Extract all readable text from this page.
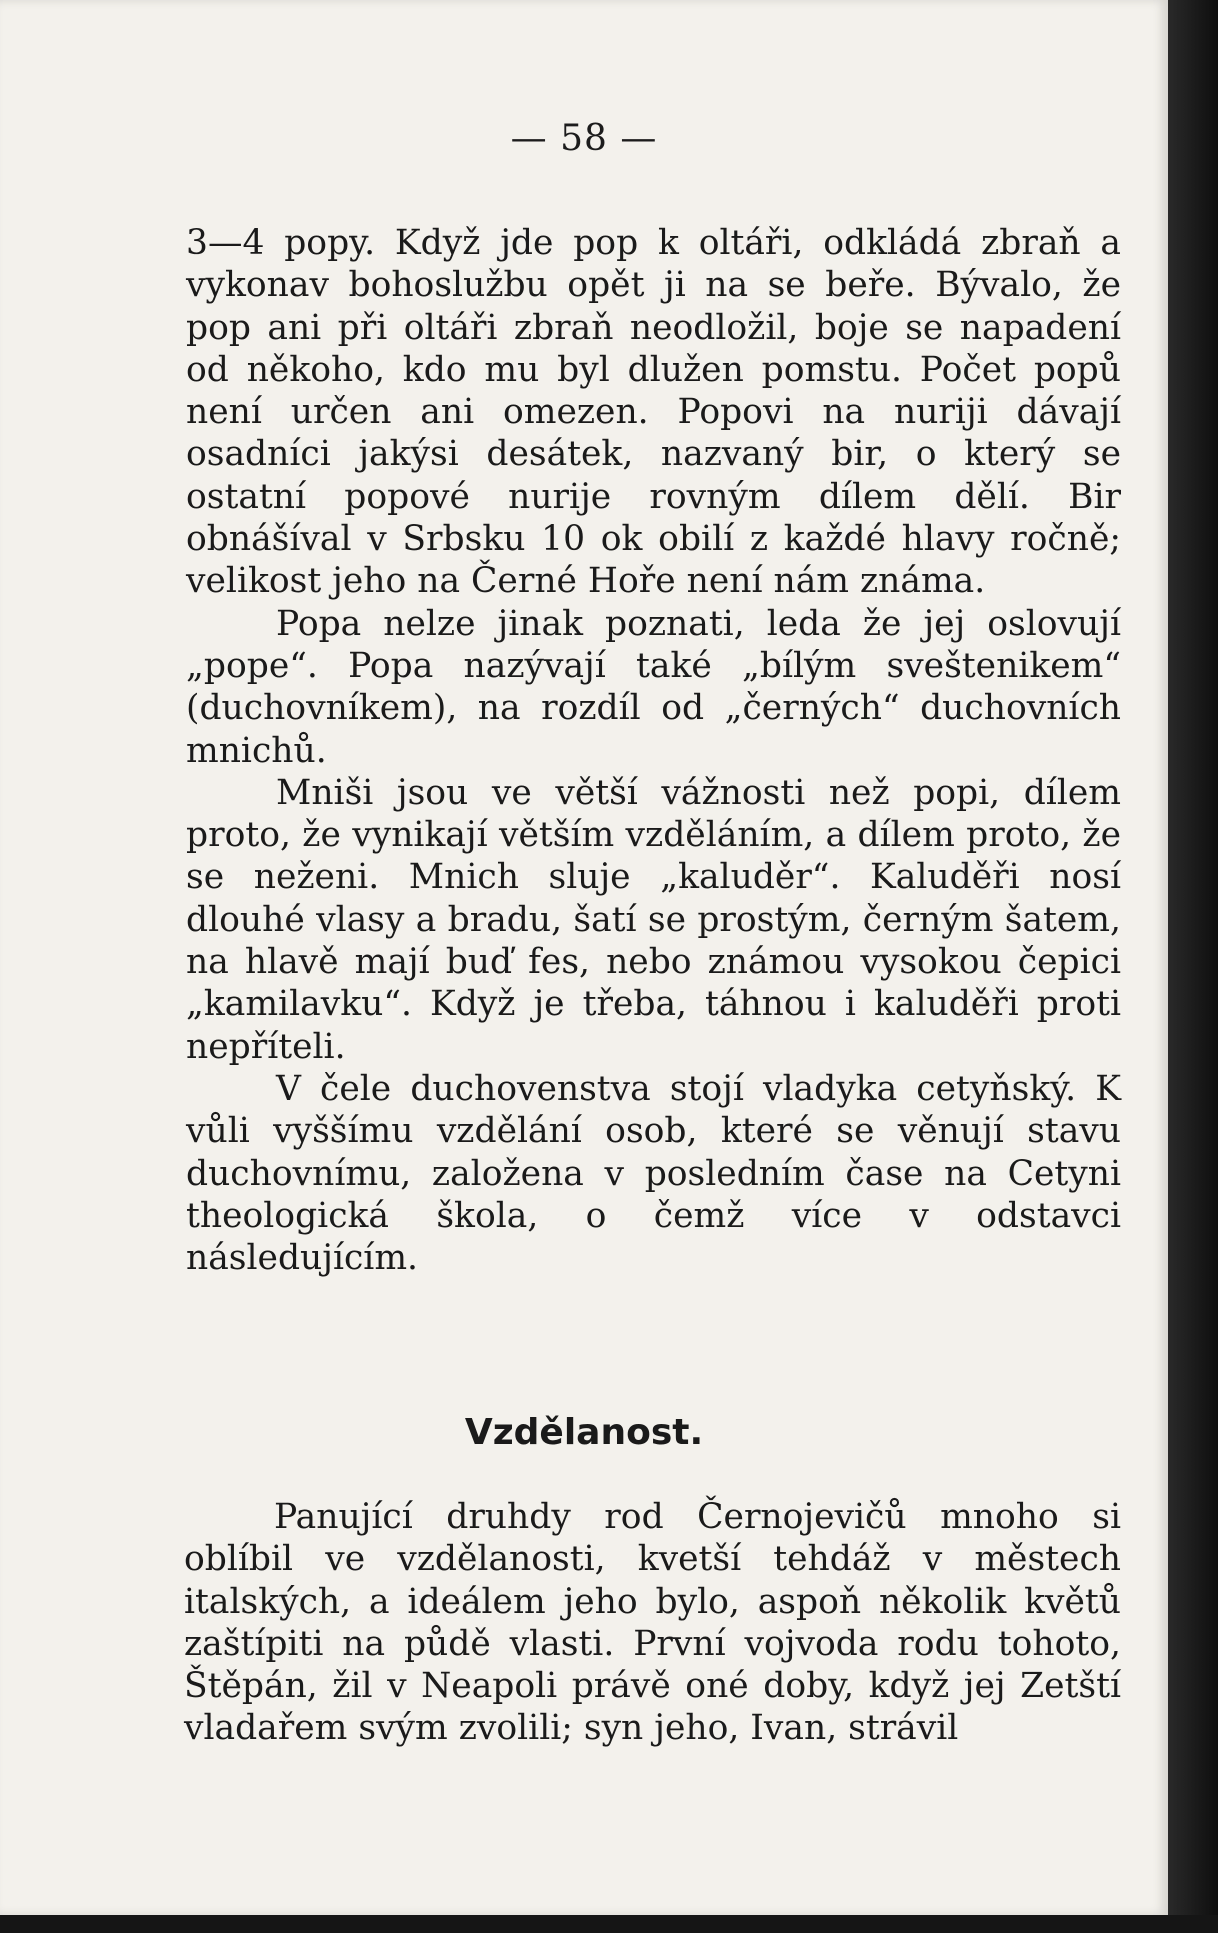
— 58 —

3—4 popy. Když jde pop k oltáři, odkládá zbraň a vykonav bohoslužbu opět ji na se beře. Bývalo, že pop ani při oltáři zbraň neodložil, boje se napadení od někoho, kdo mu byl dlužen pomstu. Počet popů není určen ani omezen. Popovi na nuriji dávají osadníci jakýsi desátek, nazvaný bir, o který se ostatní popové nurije rovným dílem dělí. Bir obnášíval v Srbsku 10 ok obilí z každé hlavy ročně; velikost jeho na Černé Hoře není nám známa.

Popa nelze jinak poznati, leda že jej oslovují „pope“. Popa nazývají také „bílým sveštenikem“ (duchovníkem), na rozdíl od „černých“ duchovních mnichů.

Mniši jsou ve větší vážnosti než popi, dílem proto, že vynikají větším vzděláním, a dílem proto, že se neženi. Mnich sluje „kaluděr“. Kaluděři nosí dlouhé vlasy a bradu, šatí se prostým, černým šatem, na hlavě mají buď fes, nebo známou vysokou čepici „kamilavku“. Když je třeba, táhnou i kaluděři proti nepříteli.

V čele duchovenstva stojí vladyka cetyňský. K vůli vyššímu vzdělání osob, které se věnují stavu duchovnímu, založena v posledním čase na Cetyni theologická škola, o čemž více v odstavci následujícím.

Vzdělanost.

Panující druhdy rod Černojevičů mnoho si oblíbil ve vzdělanosti, kvetší tehdáž v městech italských, a ideálem jeho bylo, aspoň několik květů zaštípiti na půdě vlasti. První vojvoda rodu tohoto, Štěpán, žil v Neapoli právě oné doby, když jej Zetští vladařem svým zvolili; syn jeho, Ivan, strávil
